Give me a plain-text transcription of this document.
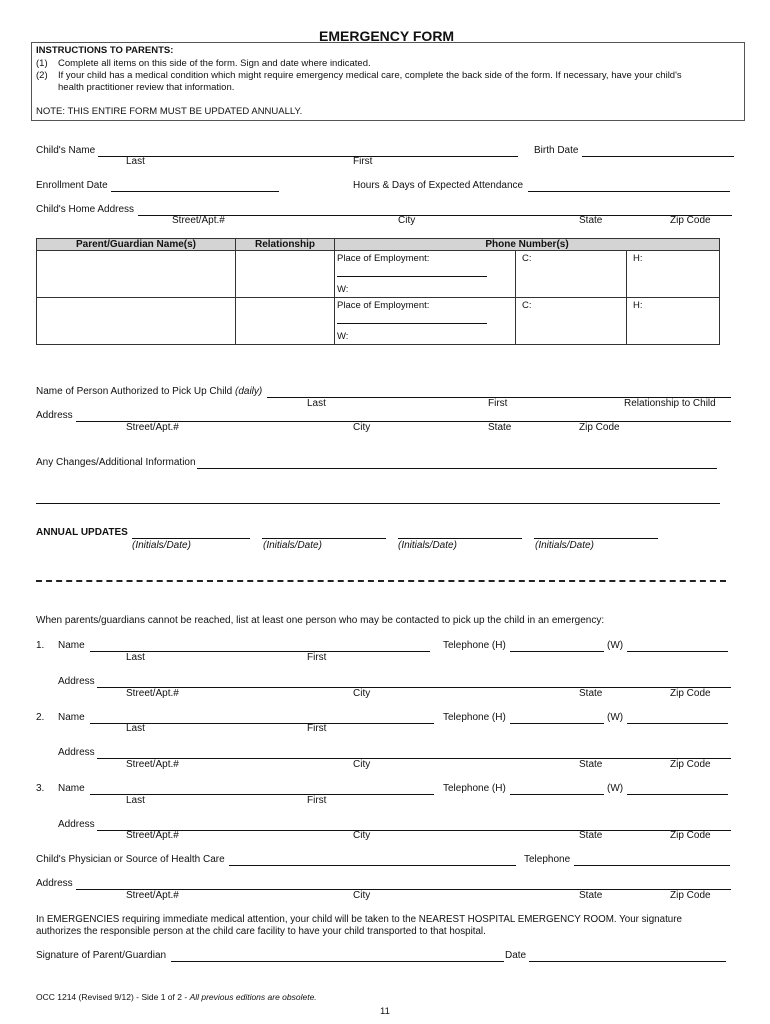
EMERGENCY FORM
INSTRUCTIONS TO PARENTS:
(1) Complete all items on this side of the form. Sign and date where indicated.
(2) If your child has a medical condition which might require emergency medical care, complete the back side of the form. If necessary, have your child's
health practitioner review that information.
NOTE: THIS ENTIRE FORM MUST BE UPDATED ANNUALLY.
Child's Name	Birth Date
Last	First
Enrollment Date	Hours & Days of Expected Attendance
Child's Home Address
Street/Apt.#	City	State	Zip Code
Parent/Guardian Name(s)	Relationship	Phone Number(s)		

		Place of Employment:
W:	C:	H:

		Place of Employment:
W:	C:	H:
Name of Person Authorized to Pick Up Child (daily)
Last	First	Relationship to Child
Address
Street/Apt.#	City	State	Zip Code
Any Changes/Additional Information
ANNUAL UPDATES
(Initials/Date)	(Initials/Date)	(Initials/Date)	(Initials/Date)
When parents/guardians cannot be reached, list at least one person who may be contacted to pick up the child in an emergency:
1. Name	Telephone (H)	(W)
Last	First
Address
Street/Apt.#	City	State	Zip Code
2. Name	Telephone (H)	(W)
Last	First
Address
Street/Apt.#	City	State	Zip Code
3. Name	Telephone (H)	(W)
Last	First
Address
Street/Apt.#	City	State	Zip Code
Child's Physician or Source of Health Care	Telephone
Address
Street/Apt.#	City	State	Zip Code
In EMERGENCIES requiring immediate medical attention, your child will be taken to the NEAREST HOSPITAL EMERGENCY ROOM. Your signature
authorizes the responsible person at the child care facility to have your child transported to that hospital.
Signature of Parent/Guardian	Date
OCC 1214 (Revised 9/12) - Side 1 of 2 - All previous editions are obsolete.
11
